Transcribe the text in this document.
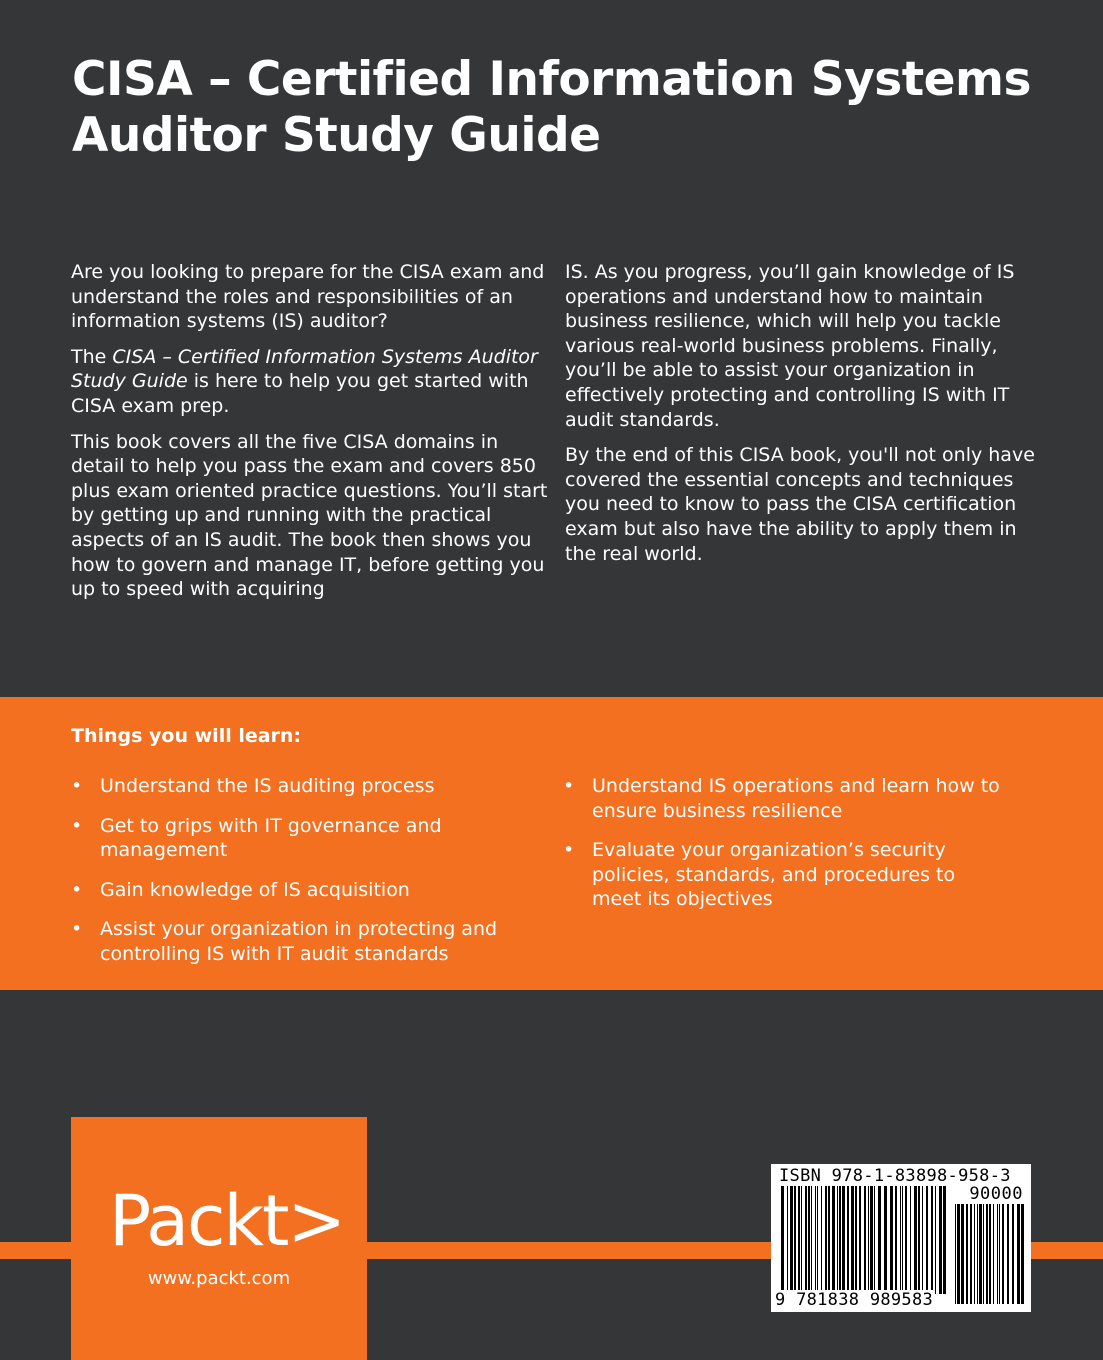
CISA – Certified Information Systems Auditor Study Guide

Are you looking to prepare for the CISA exam and understand the roles and responsibilities of an information systems (IS) auditor?

The CISA – Certified Information Systems Auditor Study Guide is here to help you get started with CISA exam prep.

This book covers all the five CISA domains in detail to help you pass the exam and covers 850 plus exam oriented practice questions. You’ll start by getting up and running with the practical aspects of an IS audit. The book then shows you how to govern and manage IT, before getting you up to speed with acquiring

IS. As you progress, you’ll gain knowledge of IS operations and understand how to maintain business resilience, which will help you tackle various real-world business problems. Finally, you’ll be able to assist your organization in effectively protecting and controlling IS with IT audit standards.

By the end of this CISA book, you'll not only have covered the essential concepts and techniques you need to know to pass the CISA certification exam but also have the ability to apply them in the real world.

Things you will learn:
• Understand the IS auditing process
• Get to grips with IT governance and management
• Gain knowledge of IS acquisition
• Assist your organization in protecting and controlling IS with IT audit standards
• Understand IS operations and learn how to ensure business resilience
• Evaluate your organization’s security policies, standards, and procedures to meet its objectives
Packt>
www.packt.com
ISBN 978-1-83898-958-3
90000
9 781838 989583
